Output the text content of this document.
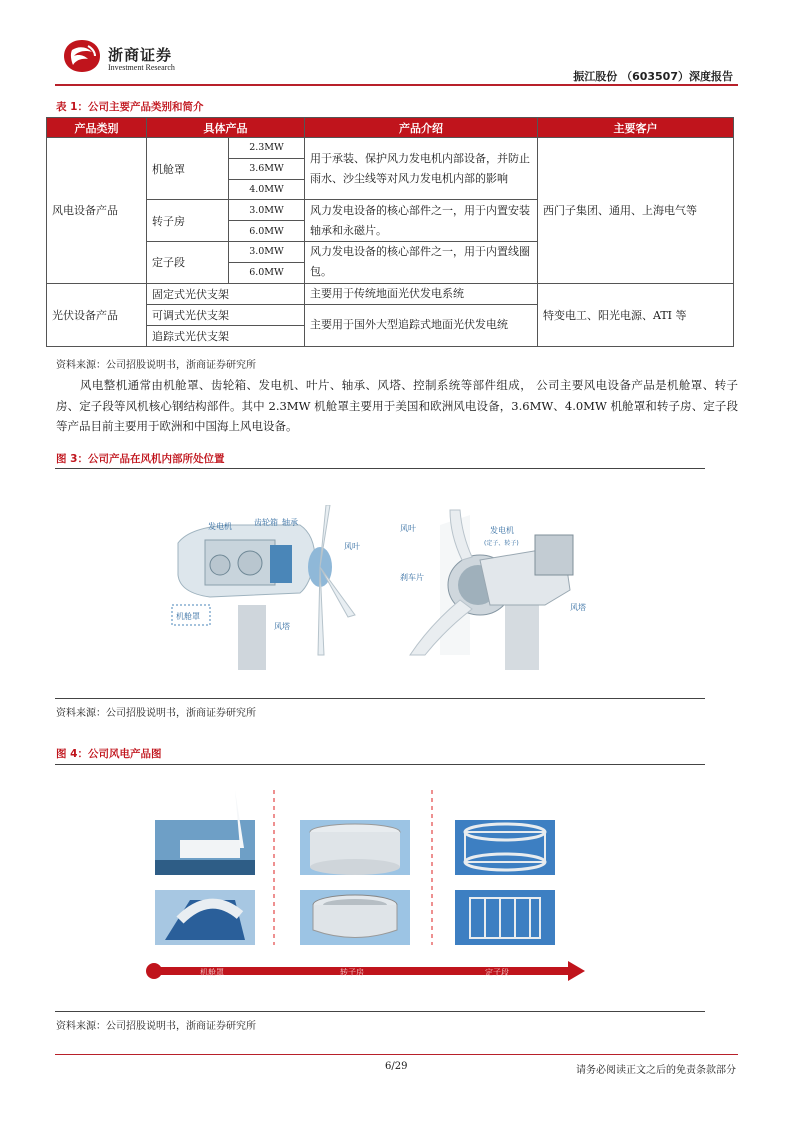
浙商证券
Investment Research
振江股份 （603507）深度报告
表 1：公司主要产品类别和简介
产品类别	具体产品		产品介绍	主要客户
风电设备产品	机舱罩	2.3MW	用于承装、保护风力发电机内部设备，并防止雨水、沙尘线等对风力发电机内部的影响	西门子集团、通用、上海电气等
		3.6MW		
		4.0MW		
	转子房	3.0MW	风力发电设备的核心部件之一，用于内置安装轴承和永磁片。	
		6.0MW		
	定子段	3.0MW	风力发电设备的核心部件之一，用于内置线圈包。	
		6.0MW		
光伏设备产品	固定式光伏支架		主要用于传统地面光伏发电系统	特变电工、阳光电源、ATI 等
	可调式光伏支架		主要用于国外大型追踪式地面光伏发电统	
	追踪式光伏支架			
资料来源：公司招股说明书，浙商证券研究所
风电整机通常由机舱罩、齿轮箱、发电机、叶片、轴承、风塔、控制系统等部件组成， 公司主要风电设备产品是机舱罩、转子房、定子段等风机核心钢结构部件。其中 2.3MW 机舱罩主要用于美国和欧洲风电设备，3.6MW、4.0MW 机舱罩和转子房、定子段等产品目前主要用于欧洲和中国海上风电设备。
图 3：公司产品在风机内部所处位置
发电机	齿轮箱 轴承
风叶
机舱罩
风塔
风叶	发电机
(定子、转子)
刹车片
风塔
资料来源：公司招股说明书，浙商证券研究所
图 4：公司风电产品图
机舱罩	转子房	定子段
资料来源：公司招股说明书，浙商证券研究所
6/29	请务必阅读正文之后的免责条款部分
